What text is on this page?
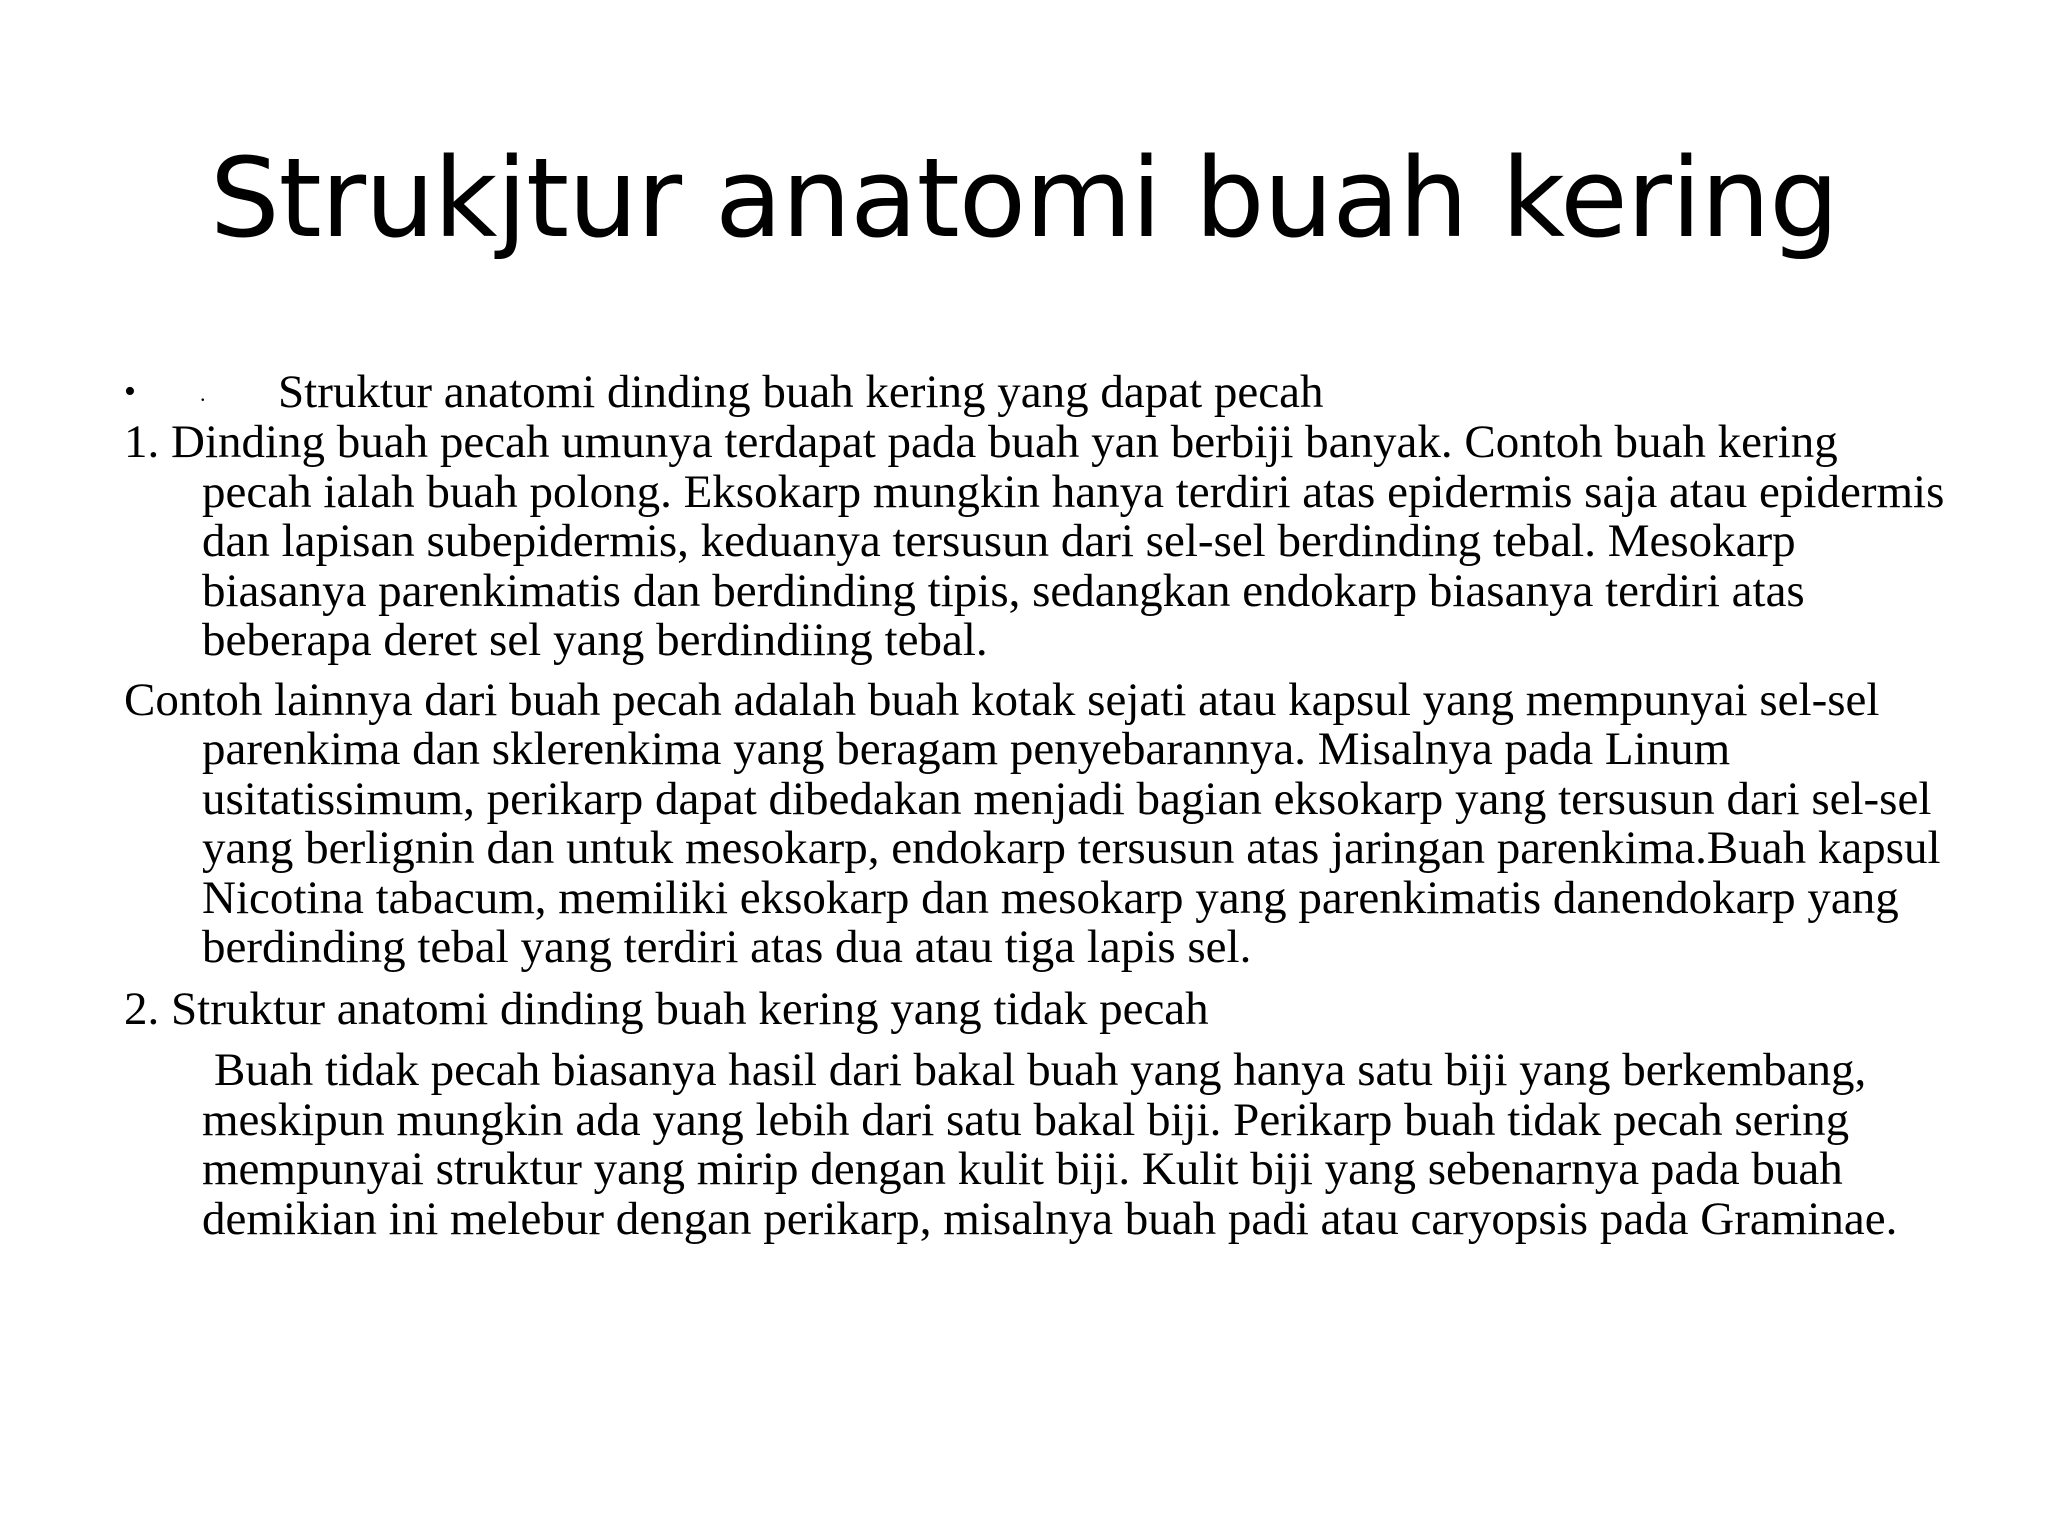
Strukjtur anatomi buah kering
•	. Struktur anatomi dinding buah kering yang dapat pecah

1. Dinding buah pecah umunya terdapat pada buah yan berbiji banyak. Contoh buah kering pecah ialah buah polong. Eksokarp mungkin hanya terdiri atas epidermis saja atau epidermis dan lapisan subepidermis, keduanya tersusun dari sel-sel berdinding tebal. Mesokarp biasanya parenkimatis dan berdinding tipis, sedangkan endokarp biasanya terdiri atas beberapa deret sel yang berdindiing tebal.

Contoh lainnya dari buah pecah adalah buah kotak sejati atau kapsul yang mempunyai sel-sel parenkima dan sklerenkima yang beragam penyebarannya. Misalnya pada Linum usitatissimum, perikarp dapat dibedakan menjadi bagian eksokarp yang tersusun dari sel-sel yang berlignin dan untuk mesokarp, endokarp tersusun atas jaringan parenkima.Buah kapsul Nicotina tabacum, memiliki eksokarp dan mesokarp yang parenkimatis danendokarp yang berdinding tebal yang terdiri atas dua atau tiga lapis sel.

2. Struktur anatomi dinding buah kering yang tidak pecah

Buah tidak pecah biasanya hasil dari bakal buah yang hanya satu biji yang berkembang, meskipun mungkin ada yang lebih dari satu bakal biji. Perikarp buah tidak pecah sering mempunyai struktur yang mirip dengan kulit biji. Kulit biji yang sebenarnya pada buah demikian ini melebur dengan perikarp, misalnya buah padi atau caryopsis pada Graminae.
